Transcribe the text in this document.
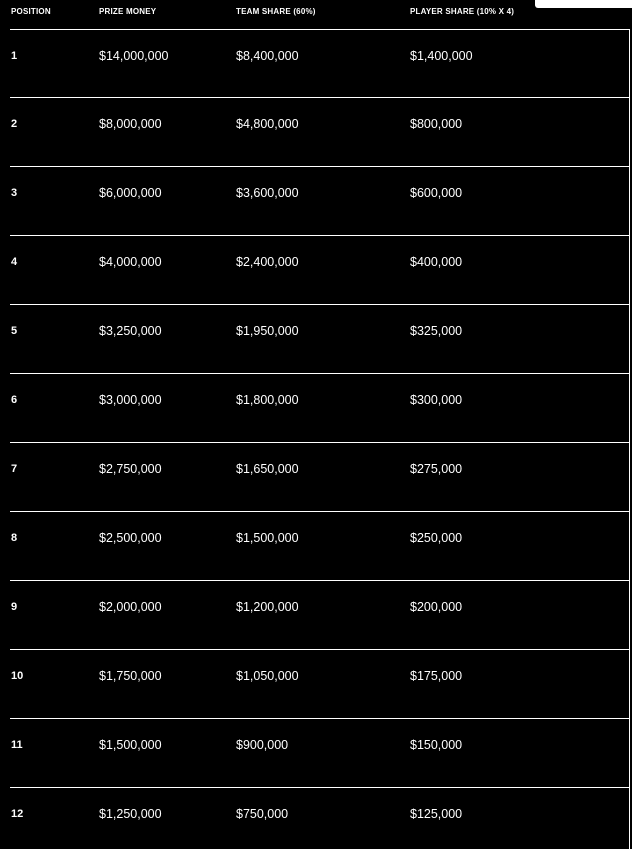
POSITION	PRIZE MONEY	TEAM SHARE (60%)	PLAYER SHARE (10% X 4)
1	$14,000,000	$8,400,000	$1,400,000
2	$8,000,000	$4,800,000	$800,000
3	$6,000,000	$3,600,000	$600,000
4	$4,000,000	$2,400,000	$400,000
5	$3,250,000	$1,950,000	$325,000
6	$3,000,000	$1,800,000	$300,000
7	$2,750,000	$1,650,000	$275,000
8	$2,500,000	$1,500,000	$250,000
9	$2,000,000	$1,200,000	$200,000
10	$1,750,000	$1,050,000	$175,000
11	$1,500,000	$900,000	$150,000
12	$1,250,000	$750,000	$125,000
